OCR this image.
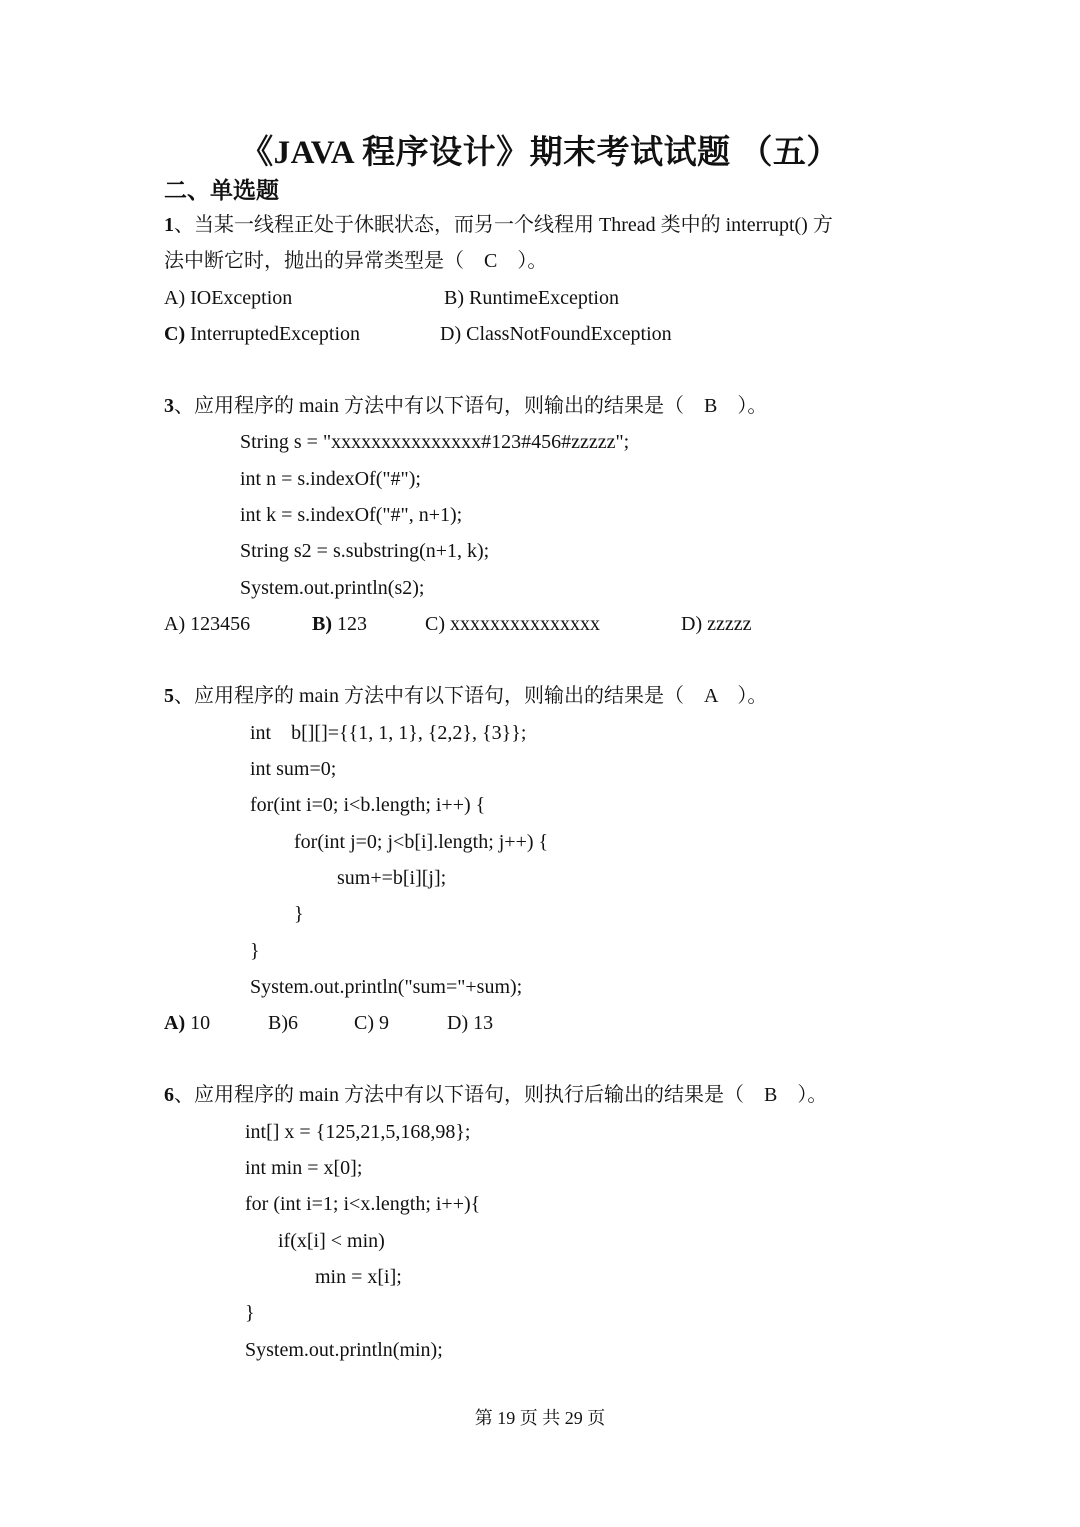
《JAVA 程序设计》期末考试试题 （五）
二、单选题
1、当某一线程正处于休眠状态，而另一个线程用 Thread 类中的 interrupt() 方
法中断它时，抛出的异常类型是（    C    ）。
A) IOException	B) RuntimeException
C) InterruptedException	D) ClassNotFoundException
3、应用程序的 main 方法中有以下语句，则输出的结果是（    B    ）。
String s = "xxxxxxxxxxxxxxx#123#456#zzzzz";
int n = s.indexOf("#");
int k = s.indexOf("#", n+1);
String s2 = s.substring(n+1, k);
System.out.println(s2);
A) 123456	B) 123	C) xxxxxxxxxxxxxxx	D) zzzzz
5、应用程序的 main 方法中有以下语句，则输出的结果是（    A    ）。
int    b[][]={{1, 1, 1}, {2,2}, {3}};
int sum=0;
for(int i=0; i<b.length; i++) {
for(int j=0; j<b[i].length; j++) {
sum+=b[i][j];
}
}
System.out.println("sum="+sum);
A) 10	B)6	C) 9	D) 13
6、应用程序的 main 方法中有以下语句，则执行后输出的结果是（    B    ）。
int[] x = {125,21,5,168,98};
int min = x[0];
for (int i=1; i<x.length; i++){
if(x[i] < min)
min = x[i];
}
System.out.println(min);
第 19 页 共 29 页
